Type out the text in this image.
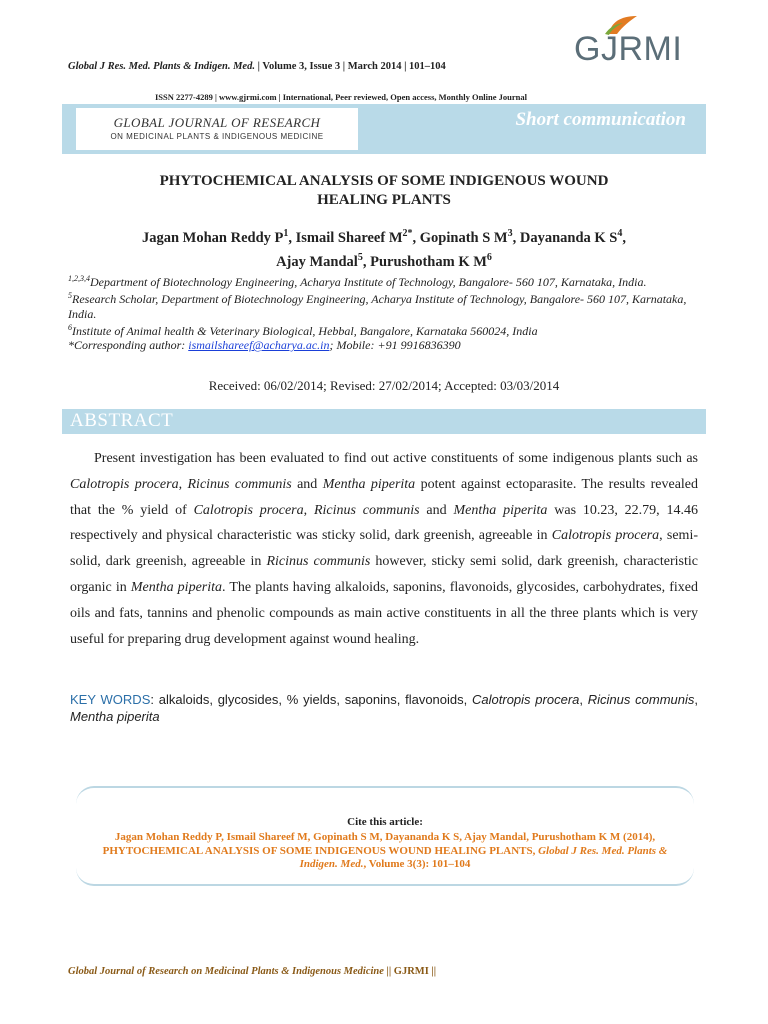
Global J Res. Med. Plants & Indigen. Med. | Volume 3, Issue 3 | March 2014 | 101–104	GJRMI
ISSN 2277-4289 | www.gjrmi.com | International, Peer reviewed, Open access, Monthly Online Journal
GLOBAL JOURNAL OF RESEARCH
ON MEDICINAL PLANTS & INDIGENOUS MEDICINE
Short communication
PHYTOCHEMICAL ANALYSIS OF SOME INDIGENOUS WOUND
HEALING PLANTS
Jagan Mohan Reddy $P^1$, Ismail Shareef $M^{2*}$, Gopinath S $M^3$, Dayananda K $S^4$,
Ajay Mandal$^5$, Purushotham K $M^6$

$^{1,2,3,4}$Department of Biotechnology Engineering, Acharya Institute of Technology, Bangalore- 560 107, Karnataka, India.

$^5$Research Scholar, Department of Biotechnology Engineering, Acharya Institute of Technology, Bangalore- 560 107, Karnataka, India.

$^6$Institute of Animal health & Veterinary Biological, Hebbal, Bangalore, Karnataka 560024, India

*Corresponding author: ismailshareef@acharya.ac.in; Mobile: +91 9916836390

Received: 06/02/2014; Revised: 27/02/2014; Accepted: 03/03/2014
ABSTRACT

Present investigation has been evaluated to find out active constituents of some indigenous plants such as Calotropis procera, Ricinus communis and Mentha piperita potent against ectoparasite. The results revealed that the % yield of Calotropis procera, Ricinus communis and Mentha piperita was 10.23, 22.79, 14.46 respectively and physical characteristic was sticky solid, dark greenish, agreeable in Calotropis procera, semi-solid, dark greenish, agreeable in Ricinus communis however, sticky semi solid, dark greenish, characteristic organic in Mentha piperita. The plants having alkaloids, saponins, flavonoids, glycosides, carbohydrates, fixed oils and fats, tannins and phenolic compounds as main active constituents in all the three plants which is very useful for preparing drug development against wound healing.

KEY WORDS: alkaloids, glycosides, % yields, saponins, flavonoids, Calotropis procera, Ricinus communis, Mentha piperita
Cite this article:
Jagan Mohan Reddy P, Ismail Shareef M, Gopinath S M, Dayananda K S, Ajay Mandal, Purushotham K M (2014), PHYTOCHEMICAL ANALYSIS OF SOME INDIGENOUS WOUND HEALING PLANTS, Global J Res. Med. Plants & Indigen. Med., Volume 3(3): 101–104
Global Journal of Research on Medicinal Plants & Indigenous Medicine || GJRMI ||
